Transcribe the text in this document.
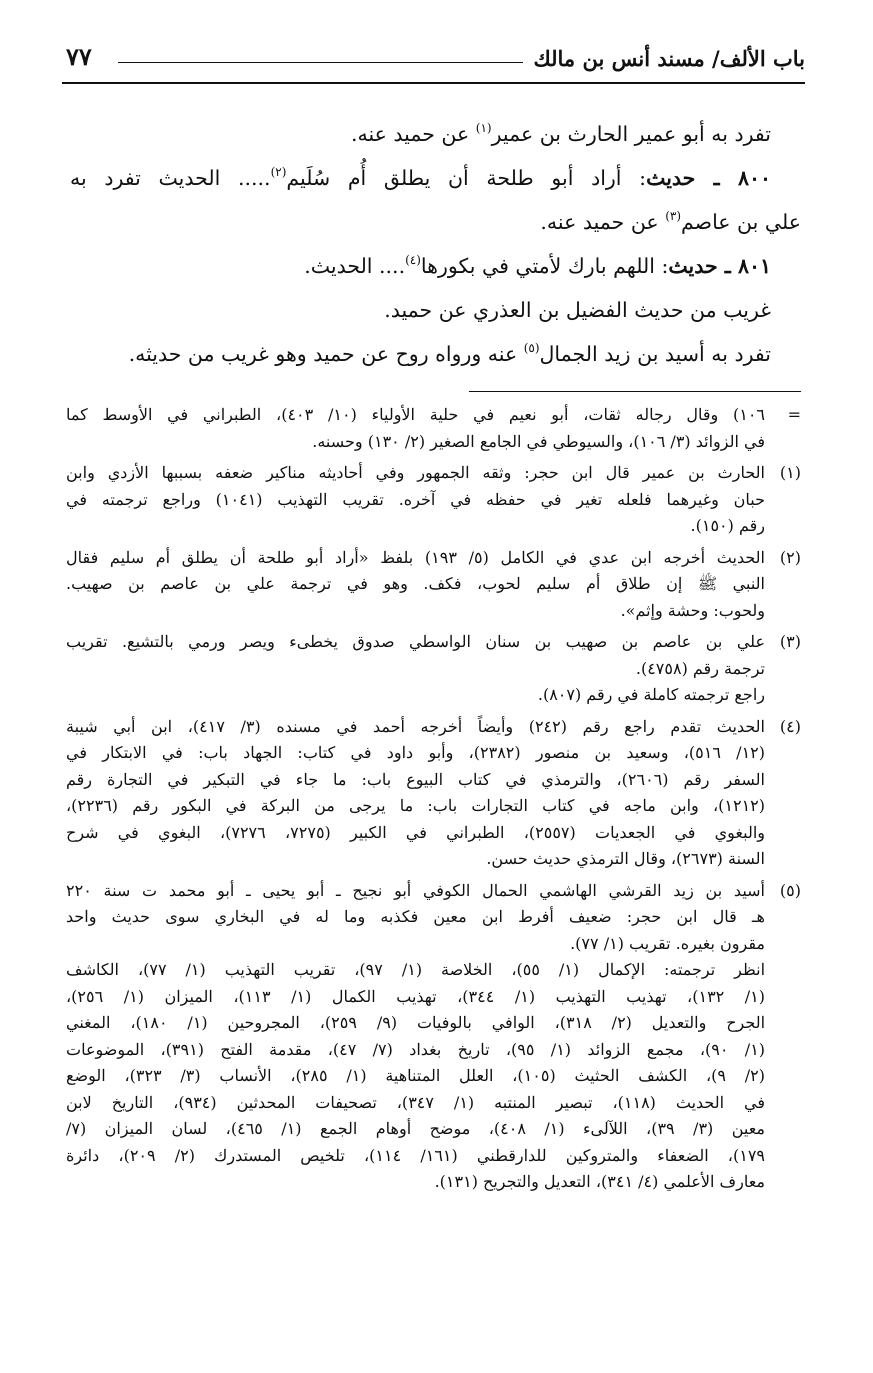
باب الألف/ مسند أنس بن مالك
٧٧
تفرد به أبو عمير الحارث بن عمير$^{(١)}$ عن حميد عنه.
٨٠٠ ـ حديث: أراد أبو طلحة أن يطلق أُم سُلَيم$^{(٢)}$..... الحديث تفرد به
علي بن عاصم$^{(٣)}$ عن حميد عنه.
٨٠١ ـ حديث: اللهم بارك لأمتي في بكورها$^{(٤)}$.... الحديث.
غريب من حديث الفضيل بن العذري عن حميد.
تفرد به أسيد بن زيد الجمال$^{(٥)}$ عنه ورواه روح عن حميد وهو غريب من حديثه.
=
١٠٦) وقال رجاله ثقات، أبو نعيم في حلية الأولياء (١٠/ ٤٠٣)، الطبراني في الأوسط كما
في الزوائد (٣/ ١٠٦)، والسيوطي في الجامع الصغير (٢/ ١٣٠) وحسنه.
(١)
الحارث بن عمير قال ابن حجر: وثقه الجمهور وفي أحاديثه مناكير ضعفه بسببها الأزدي وابن
حبان وغيرهما فلعله تغير في حفظه في آخره. تقريب التهذيب (١٠٤١) وراجع ترجمته في
رقم (١٥٠).
(٢)
الحديث أخرجه ابن عدي في الكامل (٥/ ١٩٣) بلفظ «أراد أبو طلحة أن يطلق أم سليم فقال
النبي ﷺ إن طلاق أم سليم لحوب، فكف. وهو في ترجمة علي بن عاصم بن صهيب.
ولحوب: وحشة وإثم».
(٣)
علي بن عاصم بن صهيب بن سنان الواسطي صدوق يخطىء ويصر ورمي بالتشيع. تقريب
ترجمة رقم (٤٧٥٨).
راجع ترجمته كاملة في رقم (٨٠٧).
(٤)
الحديث تقدم راجع رقم (٢٤٢) وأيضاً أخرجه أحمد في مسنده (٣/ ٤١٧)، ابن أبي شيبة
(١٢/ ٥١٦)، وسعيد بن منصور (٢٣٨٢)، وأبو داود في كتاب: الجهاد باب: في الابتكار في
السفر رقم (٢٦٠٦)، والترمذي في كتاب البيوع باب: ما جاء في التبكير في التجارة رقم
(١٢١٢)، وابن ماجه في كتاب التجارات باب: ما يرجى من البركة في البكور رقم (٢٢٣٦)،
والبغوي في الجعديات (٢٥٥٧)، الطبراني في الكبير (٧٢٧٥، ٧٢٧٦)، البغوي في شرح
السنة (٢٦٧٣)، وقال الترمذي حديث حسن.
(٥)
أسيد بن زيد القرشي الهاشمي الحمال الكوفي أبو نجيح ـ أبو يحيى ـ أبو محمد ت سنة ٢٢٠
هـ قال ابن حجر: ضعيف أفرط ابن معين فكذبه وما له في البخاري سوى حديث واحد
مقرون بغيره. تقريب (١/ ٧٧).
انظر ترجمته: الإكمال (١/ ٥٥)، الخلاصة (١/ ٩٧)، تقريب التهذيب (١/ ٧٧)، الكاشف
(١/ ١٣٢)، تهذيب التهذيب (١/ ٣٤٤)، تهذيب الكمال (١/ ١١٣)، الميزان (١/ ٢٥٦)،
الجرح والتعديل (٢/ ٣١٨)، الوافي بالوفيات (٩/ ٢٥٩)، المجروحين (١/ ١٨٠)، المغني
(١/ ٩٠)، مجمع الزوائد (١/ ٩٥)، تاريخ بغداد (٧/ ٤٧)، مقدمة الفتح (٣٩١)، الموضوعات
(٢/ ٩)، الكشف الحثيث (١٠٥)، العلل المتناهية (١/ ٢٨٥)، الأنساب (٣/ ٣٢٣)، الوضع
في الحديث (١١٨)، تبصير المنتبه (١/ ٣٤٧)، تصحيفات المحدثين (٩٣٤)، التاريخ لابن
معين (٣/ ٣٩)، اللآلىء (١/ ٤٠٨)، موضح أوهام الجمع (١/ ٤٦٥)، لسان الميزان (٧/
١٧٩)، الضعفاء والمتروكين للدارقطني (١٦١/ ١١٤)، تلخيص المستدرك (٢/ ٢٠٩)، دائرة
معارف الأعلمي (٤/ ٣٤١)، التعديل والتجريح (١٣١).
